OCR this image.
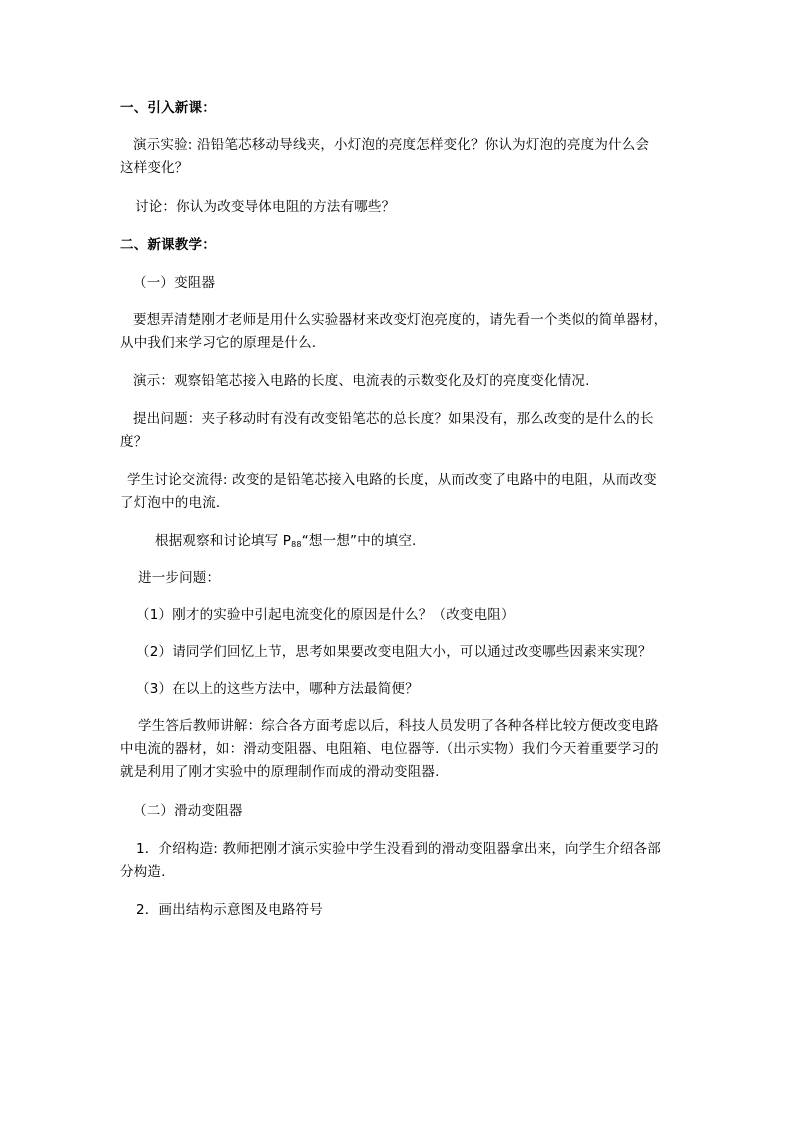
一、引入新课：
演示实验: 沿铅笔芯移动导线夹，小灯泡的亮度怎样变化？你认为灯泡的亮度为什么会
这样变化？
讨论：你认为改变导体电阻的方法有哪些？
二、新课教学：
（一）变阻器
要想弄清楚刚才老师是用什么实验器材来改变灯泡亮度的，请先看一个类似的简单器材，
从中我们来学习它的原理是什么.
演示：观察铅笔芯接入电路的长度、电流表的示数变化及灯的亮度变化情况.
提出问题：夹子移动时有没有改变铅笔芯的总长度？如果没有，那么改变的是什么的长
度？
学生讨论交流得: 改变的是铅笔芯接入电路的长度，从而改变了电路中的电阻，从而改变
了灯泡中的电流.
根据观察和讨论填写 $P_{88}“$想一想”中的填空.
进一步问题：
（1）刚才的实验中引起电流变化的原因是什么？（改变电阻）
（2）请同学们回忆上节，思考如果要改变电阻大小，可以通过改变哪些因素来实现？
（3）在以上的这些方法中，哪种方法最简便？
学生答后教师讲解：综合各方面考虑以后，科技人员发明了各种各样比较方便改变电路
中电流的器材，如：滑动变阻器、电阻箱、电位器等.（出示实物）我们今天着重要学习的
就是利用了刚才实验中的原理制作而成的滑动变阻器.
（二）滑动变阻器
1．介绍构造: 教师把刚才演示实验中学生没看到的滑动变阻器拿出来，向学生介绍各部
分构造.
2．画出结构示意图及电路符号
